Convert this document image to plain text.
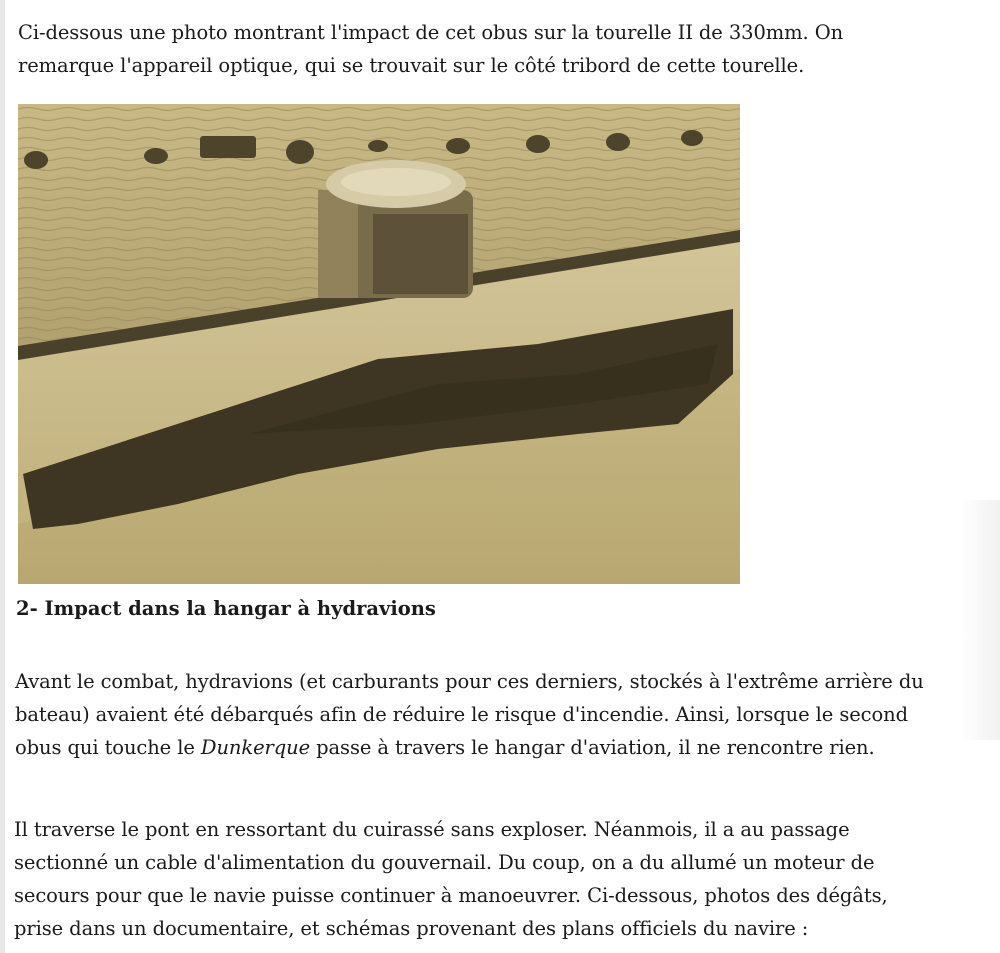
Ci-dessous une photo montrant l'impact de cet obus sur la tourelle II de 330mm. On
remarque l'appareil optique, qui se trouvait sur le côté tribord de cette tourelle.

2- Impact dans la hangar à hydravions

Avant le combat, hydravions (et carburants pour ces derniers, stockés à l'extrême arrière du
bateau) avaient été débarqués afin de réduire le risque d'incendie. Ainsi, lorsque le second
obus qui touche le Dunkerque passe à travers le hangar d'aviation, il ne rencontre rien.

Il traverse le pont en ressortant du cuirassé sans exploser. Néanmois, il a au passage
sectionné un cable d'alimentation du gouvernail. Du coup, on a du allumé un moteur de
secours pour que le navie puisse continuer à manoeuvrer. Ci-dessous, photos des dégâts,
prise dans un documentaire, et schémas provenant des plans officiels du navire :
